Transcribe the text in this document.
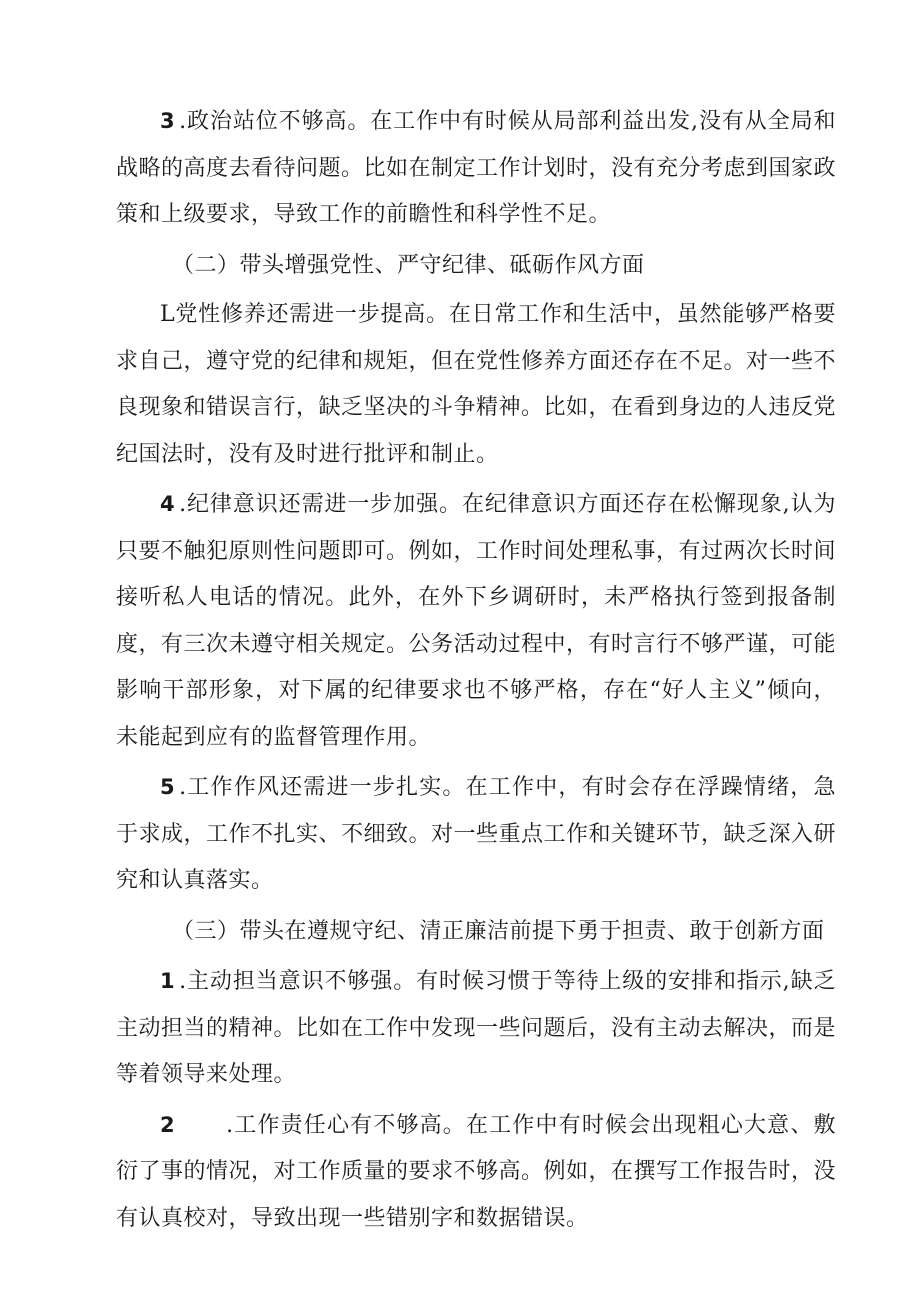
3 .政治站位不够高。在工作中有时候从局部利益出发,没有从全局和战略的高度去看待问题。比如在制定工作计划时，没有充分考虑到国家政策和上级要求，导致工作的前瞻性和科学性不足。

（二）带头增强党性、严守纪律、砥砺作风方面

L党性修养还需进一步提高。在日常工作和生活中，虽然能够严格要求自己，遵守党的纪律和规矩，但在党性修养方面还存在不足。对一些不良现象和错误言行，缺乏坚决的斗争精神。比如，在看到身边的人违反党纪国法时，没有及时进行批评和制止。

4 .纪律意识还需进一步加强。在纪律意识方面还存在松懈现象,认为只要不触犯原则性问题即可。例如，工作时间处理私事，有过两次长时间接听私人电话的情况。此外，在外下乡调研时，未严格执行签到报备制度，有三次未遵守相关规定。公务活动过程中，有时言行不够严谨，可能影响干部形象，对下属的纪律要求也不够严格，存在“好人主义”倾向，未能起到应有的监督管理作用。

5 .工作作风还需进一步扎实。在工作中，有时会存在浮躁情绪，急于求成，工作不扎实、不细致。对一些重点工作和关键环节，缺乏深入研究和认真落实。

（三）带头在遵规守纪、清正廉洁前提下勇于担责、敢于创新方面

1 .主动担当意识不够强。有时候习惯于等待上级的安排和指示,缺乏主动担当的精神。比如在工作中发现一些问题后，没有主动去解决，而是等着领导来处理。

2　　.工作责任心有不够高。在工作中有时候会出现粗心大意、敷衍了事的情况，对工作质量的要求不够高。例如，在撰写工作报告时，没有认真校对，导致出现一些错别字和数据错误。
